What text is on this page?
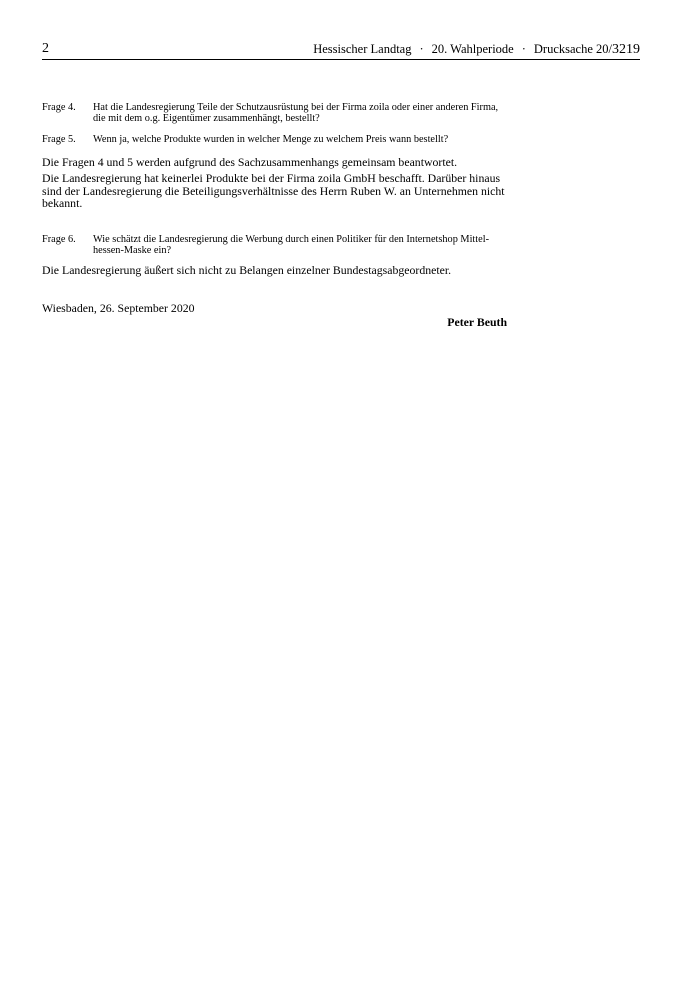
2	Hessischer Landtag · 20. Wahlperiode · Drucksache 20/3219
Frage 4.	Hat die Landesregierung Teile der Schutzausrüstung bei der Firma zoila oder einer anderen Firma, die mit dem o.g. Eigentümer zusammenhängt, bestellt?
Frage 5.	Wenn ja, welche Produkte wurden in welcher Menge zu welchem Preis wann bestellt?
Die Fragen 4 und 5 werden aufgrund des Sachzusammenhangs gemeinsam beantwortet.
Die Landesregierung hat keinerlei Produkte bei der Firma zoila GmbH beschafft. Darüber hinaus sind der Landesregierung die Beteiligungsverhältnisse des Herrn Ruben W. an Unternehmen nicht bekannt.
Frage 6.	Wie schätzt die Landesregierung die Werbung durch einen Politiker für den Internetshop Mittelhessen-Maske ein?
Die Landesregierung äußert sich nicht zu Belangen einzelner Bundestagsabgeordneter.
Wiesbaden, 26. September 2020
Peter Beuth
